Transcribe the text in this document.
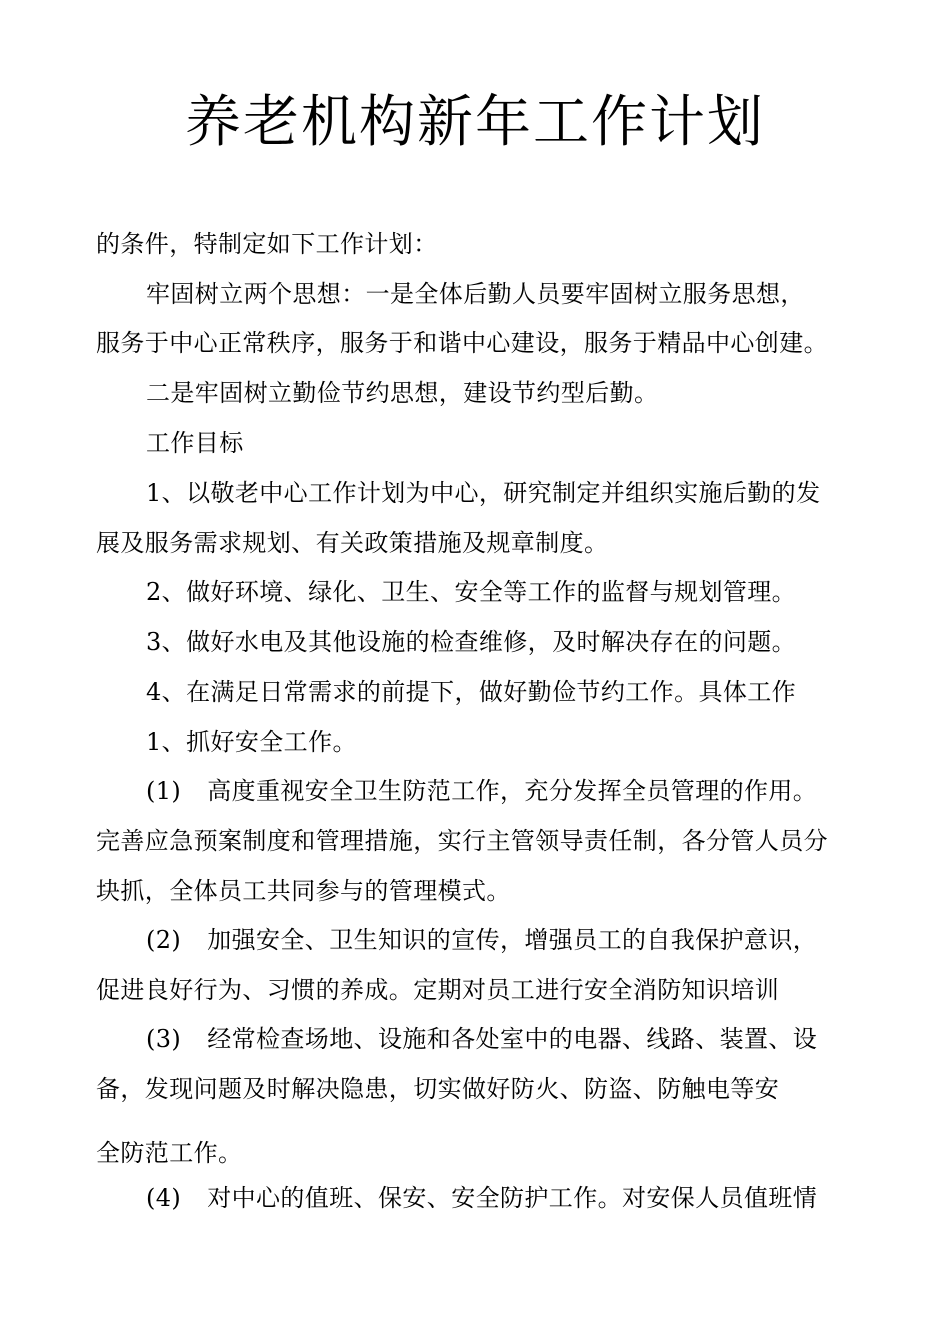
养老机构新年工作计划
的条件，特制定如下工作计划：
牢固树立两个思想：一是全体后勤人员要牢固树立服务思想，
服务于中心正常秩序，服务于和谐中心建设，服务于精品中心创建。
二是牢固树立勤俭节约思想，建设节约型后勤。
工作目标
1、以敬老中心工作计划为中心，研究制定并组织实施后勤的发
展及服务需求规划、有关政策措施及规章制度。
2、做好环境、绿化、卫生、安全等工作的监督与规划管理。
3、做好水电及其他设施的检查维修，及时解决存在的问题。
4、在满足日常需求的前提下，做好勤俭节约工作。具体工作
1、抓好安全工作。
(1) 高度重视安全卫生防范工作，充分发挥全员管理的作用。
完善应急预案制度和管理措施，实行主管领导责任制，各分管人员分
块抓，全体员工共同参与的管理模式。
(2) 加强安全、卫生知识的宣传，增强员工的自我保护意识，
促进良好行为、习惯的养成。定期对员工进行安全消防知识培训
(3) 经常检查场地、设施和各处室中的电器、线路、装置、设
备，发现问题及时解决隐患，切实做好防火、防盗、防触电等安
全防范工作。
(4) 对中心的值班、保安、安全防护工作。对安保人员值班情
